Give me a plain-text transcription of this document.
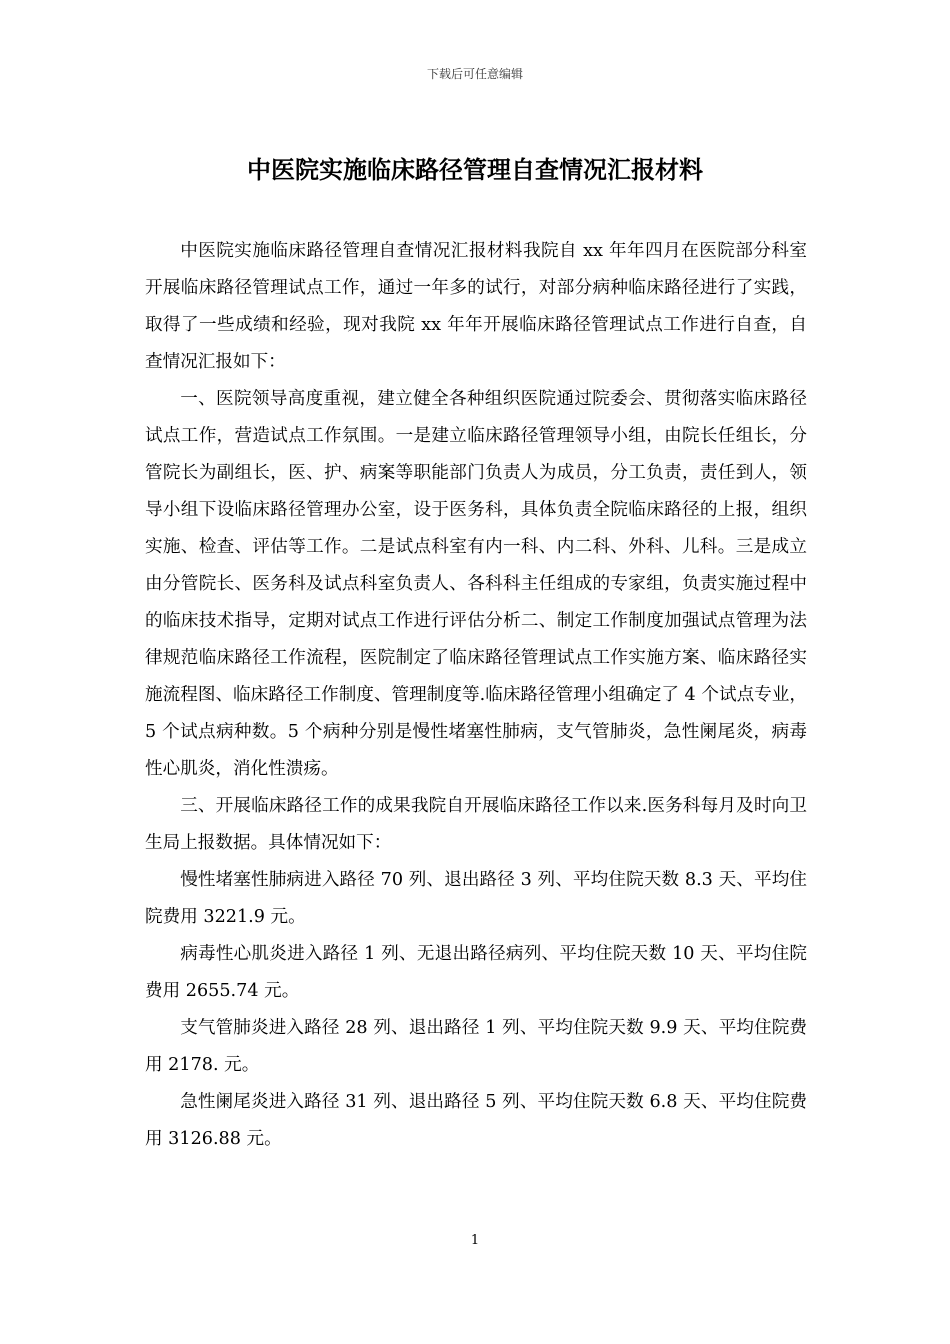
下载后可任意编辑
中医院实施临床路径管理自查情况汇报材料

中医院实施临床路径管理自查情况汇报材料我院自 xx 年年四月在医院部分科室开展临床路径管理试点工作，通过一年多的试行，对部分病种临床路径进行了实践，取得了一些成绩和经验，现对我院 xx 年年开展临床路径管理试点工作进行自查，自查情况汇报如下：

一、医院领导高度重视，建立健全各种组织医院通过院委会、贯彻落实临床路径试点工作，营造试点工作氛围。一是建立临床路径管理领导小组，由院长任组长，分管院长为副组长，医、护、病案等职能部门负责人为成员，分工负责，责任到人，领导小组下设临床路径管理办公室，设于医务科，具体负责全院临床路径的上报，组织实施、检查、评估等工作。二是试点科室有内一科、内二科、外科、儿科。三是成立由分管院长、医务科及试点科室负责人、各科科主任组成的专家组，负责实施过程中的临床技术指导，定期对试点工作进行评估分析二、制定工作制度加强试点管理为法律规范临床路径工作流程，医院制定了临床路径管理试点工作实施方案、临床路径实施流程图、临床路径工作制度、管理制度等.临床路径管理小组确定了 4 个试点专业，5 个试点病种数。5 个病种分别是慢性堵塞性肺病，支气管肺炎，急性阑尾炎，病毒性心肌炎，消化性溃疡。

三、开展临床路径工作的成果我院自开展临床路径工作以来.医务科每月及时向卫生局上报数据。具体情况如下：

慢性堵塞性肺病进入路径 70 列、退出路径 3 列、平均住院天数 8.3 天、平均住院费用 3221.9 元。

病毒性心肌炎进入路径 1 列、无退出路径病列、平均住院天数 10 天、平均住院费用 2655.74 元。

支气管肺炎进入路径 28 列、退出路径 1 列、平均住院天数 9.9 天、平均住院费用 2178. 元。

急性阑尾炎进入路径 31 列、退出路径 5 列、平均住院天数 6.8 天、平均住院费用 3126.88 元。

1
